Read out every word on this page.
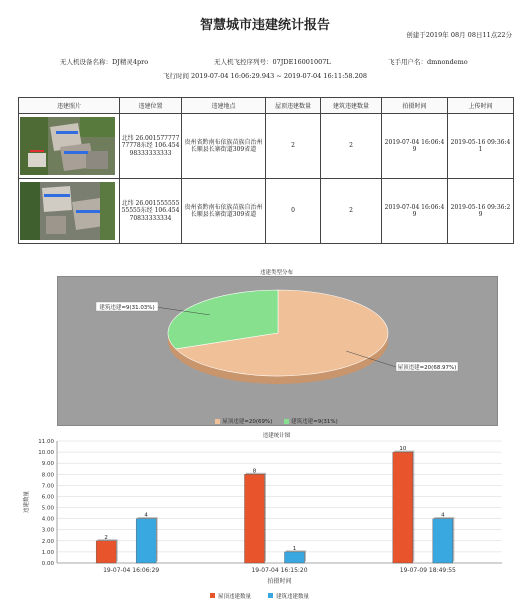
智慧城市违建统计报告
创建于2019年 08月 08日11点22分
无人机设备名称：DJ精灵4pro	无人机飞控序列号：07JDE16001007L	飞手用户名：dmnondemo
飞行时间 2019-07-04 16:06:29.943 ~ 2019-07-04 16:11:58.208
违建照片	违建位置	违建地点	屋顶违建数量	建筑违建数量	拍摄时间	上传时间

	北纬 26.00157777777778东经 106.45498333333333	贵州省黔南布依族苗族自治州长顺县长寨街道309省道	2	2	2019-07-04 16:06:49	2019-05-16 09:36:41

	北纬 26.00155555555555东经 106.45470833333334	贵州省黔南布依族苗族自治州长顺县长寨街道309省道	0	2	2019-07-04 16:06:49	2019-05-16 09:36:29
违建类型分布
屋顶违建=20(68.97%)
建筑违建=9(31.03%)
屋顶违建=20(69%)
	建筑违建=9(31%)
违建统计图
0.00
1.00
2.00
3.00
4.00
5.00
6.00
7.00
8.00
9.00
10.00
11.00
违建数量
2
4
19-07-04 16:06:29
8
1
19-07-04 16:15:20
10
4
19-07-09 18:49:55
拍摄时间
屋顶违建数量	建筑违建数量
